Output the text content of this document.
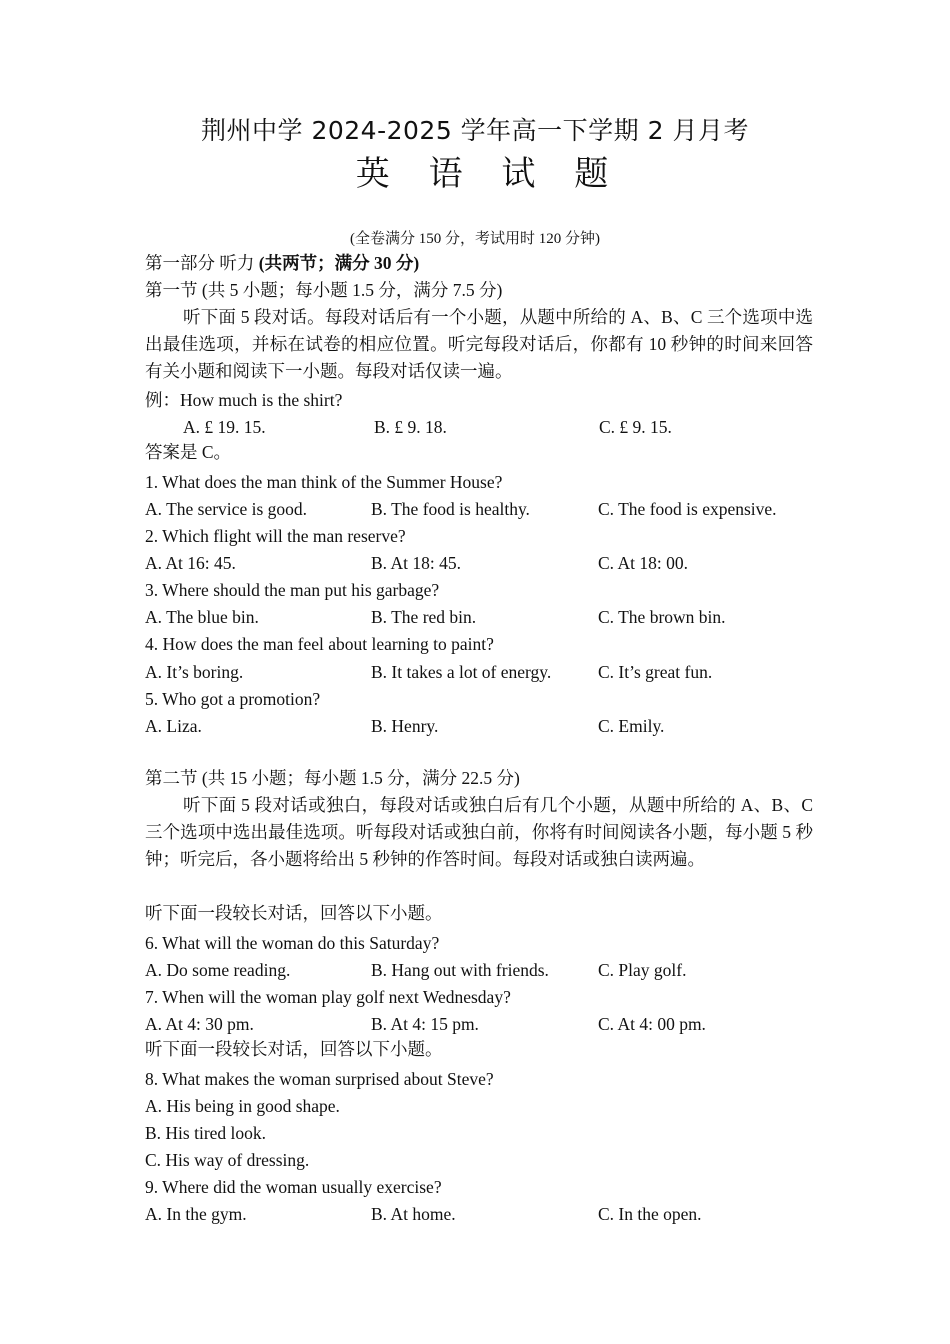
荆州中学 2024-2025 学年高一下学期 2 月月考
英 语 试 题
(全卷满分 150 分，考试用时 120 分钟)
第一部分 听力 (共两节；满分 30 分)
第一节 (共 5 小题；每小题 1.5 分，满分 7.5 分)
听下面 5 段对话。每段对话后有一个小题，从题中所给的 A、B、C 三个选项中选出最佳选项，并标在试卷的相应位置。听完每段对话后，你都有 10 秒钟的时间来回答有关小题和阅读下一小题。每段对话仅读一遍。
例：How much is the shirt?
A. £ 19. 15.	B. £ 9. 18.	C. £ 9. 15.
答案是 C。
1. What does the man think of the Summer House?
A. The service is good.	B. The food is healthy.	C. The food is expensive.
2. Which flight will the man reserve?
A. At 16: 45.	B. At 18: 45.	C. At 18: 00.
3. Where should the man put his garbage?
A. The blue bin.	B. The red bin.	C. The brown bin.
4. How does the man feel about learning to paint?
A. It’s boring.	B. It takes a lot of energy.	C. It’s great fun.
5. Who got a promotion?
A. Liza.	B. Henry.	C. Emily.
第二节 (共 15 小题；每小题 1.5 分，满分 22.5 分)
听下面 5 段对话或独白，每段对话或独白后有几个小题，从题中所给的 A、B、C 三个选项中选出最佳选项。听每段对话或独白前，你将有时间阅读各小题，每小题 5 秒钟；听完后，各小题将给出 5 秒钟的作答时间。每段对话或独白读两遍。
听下面一段较长对话，回答以下小题。
6. What will the woman do this Saturday?
A. Do some reading.	B. Hang out with friends.	C. Play golf.
7. When will the woman play golf next Wednesday?
A. At 4: 30 pm.	B. At 4: 15 pm.	C. At 4: 00 pm.
听下面一段较长对话，回答以下小题。
8. What makes the woman surprised about Steve?
A. His being in good shape.
B. His tired look.
C. His way of dressing.
9. Where did the woman usually exercise?
A. In the gym.	B. At home.	C. In the open.
